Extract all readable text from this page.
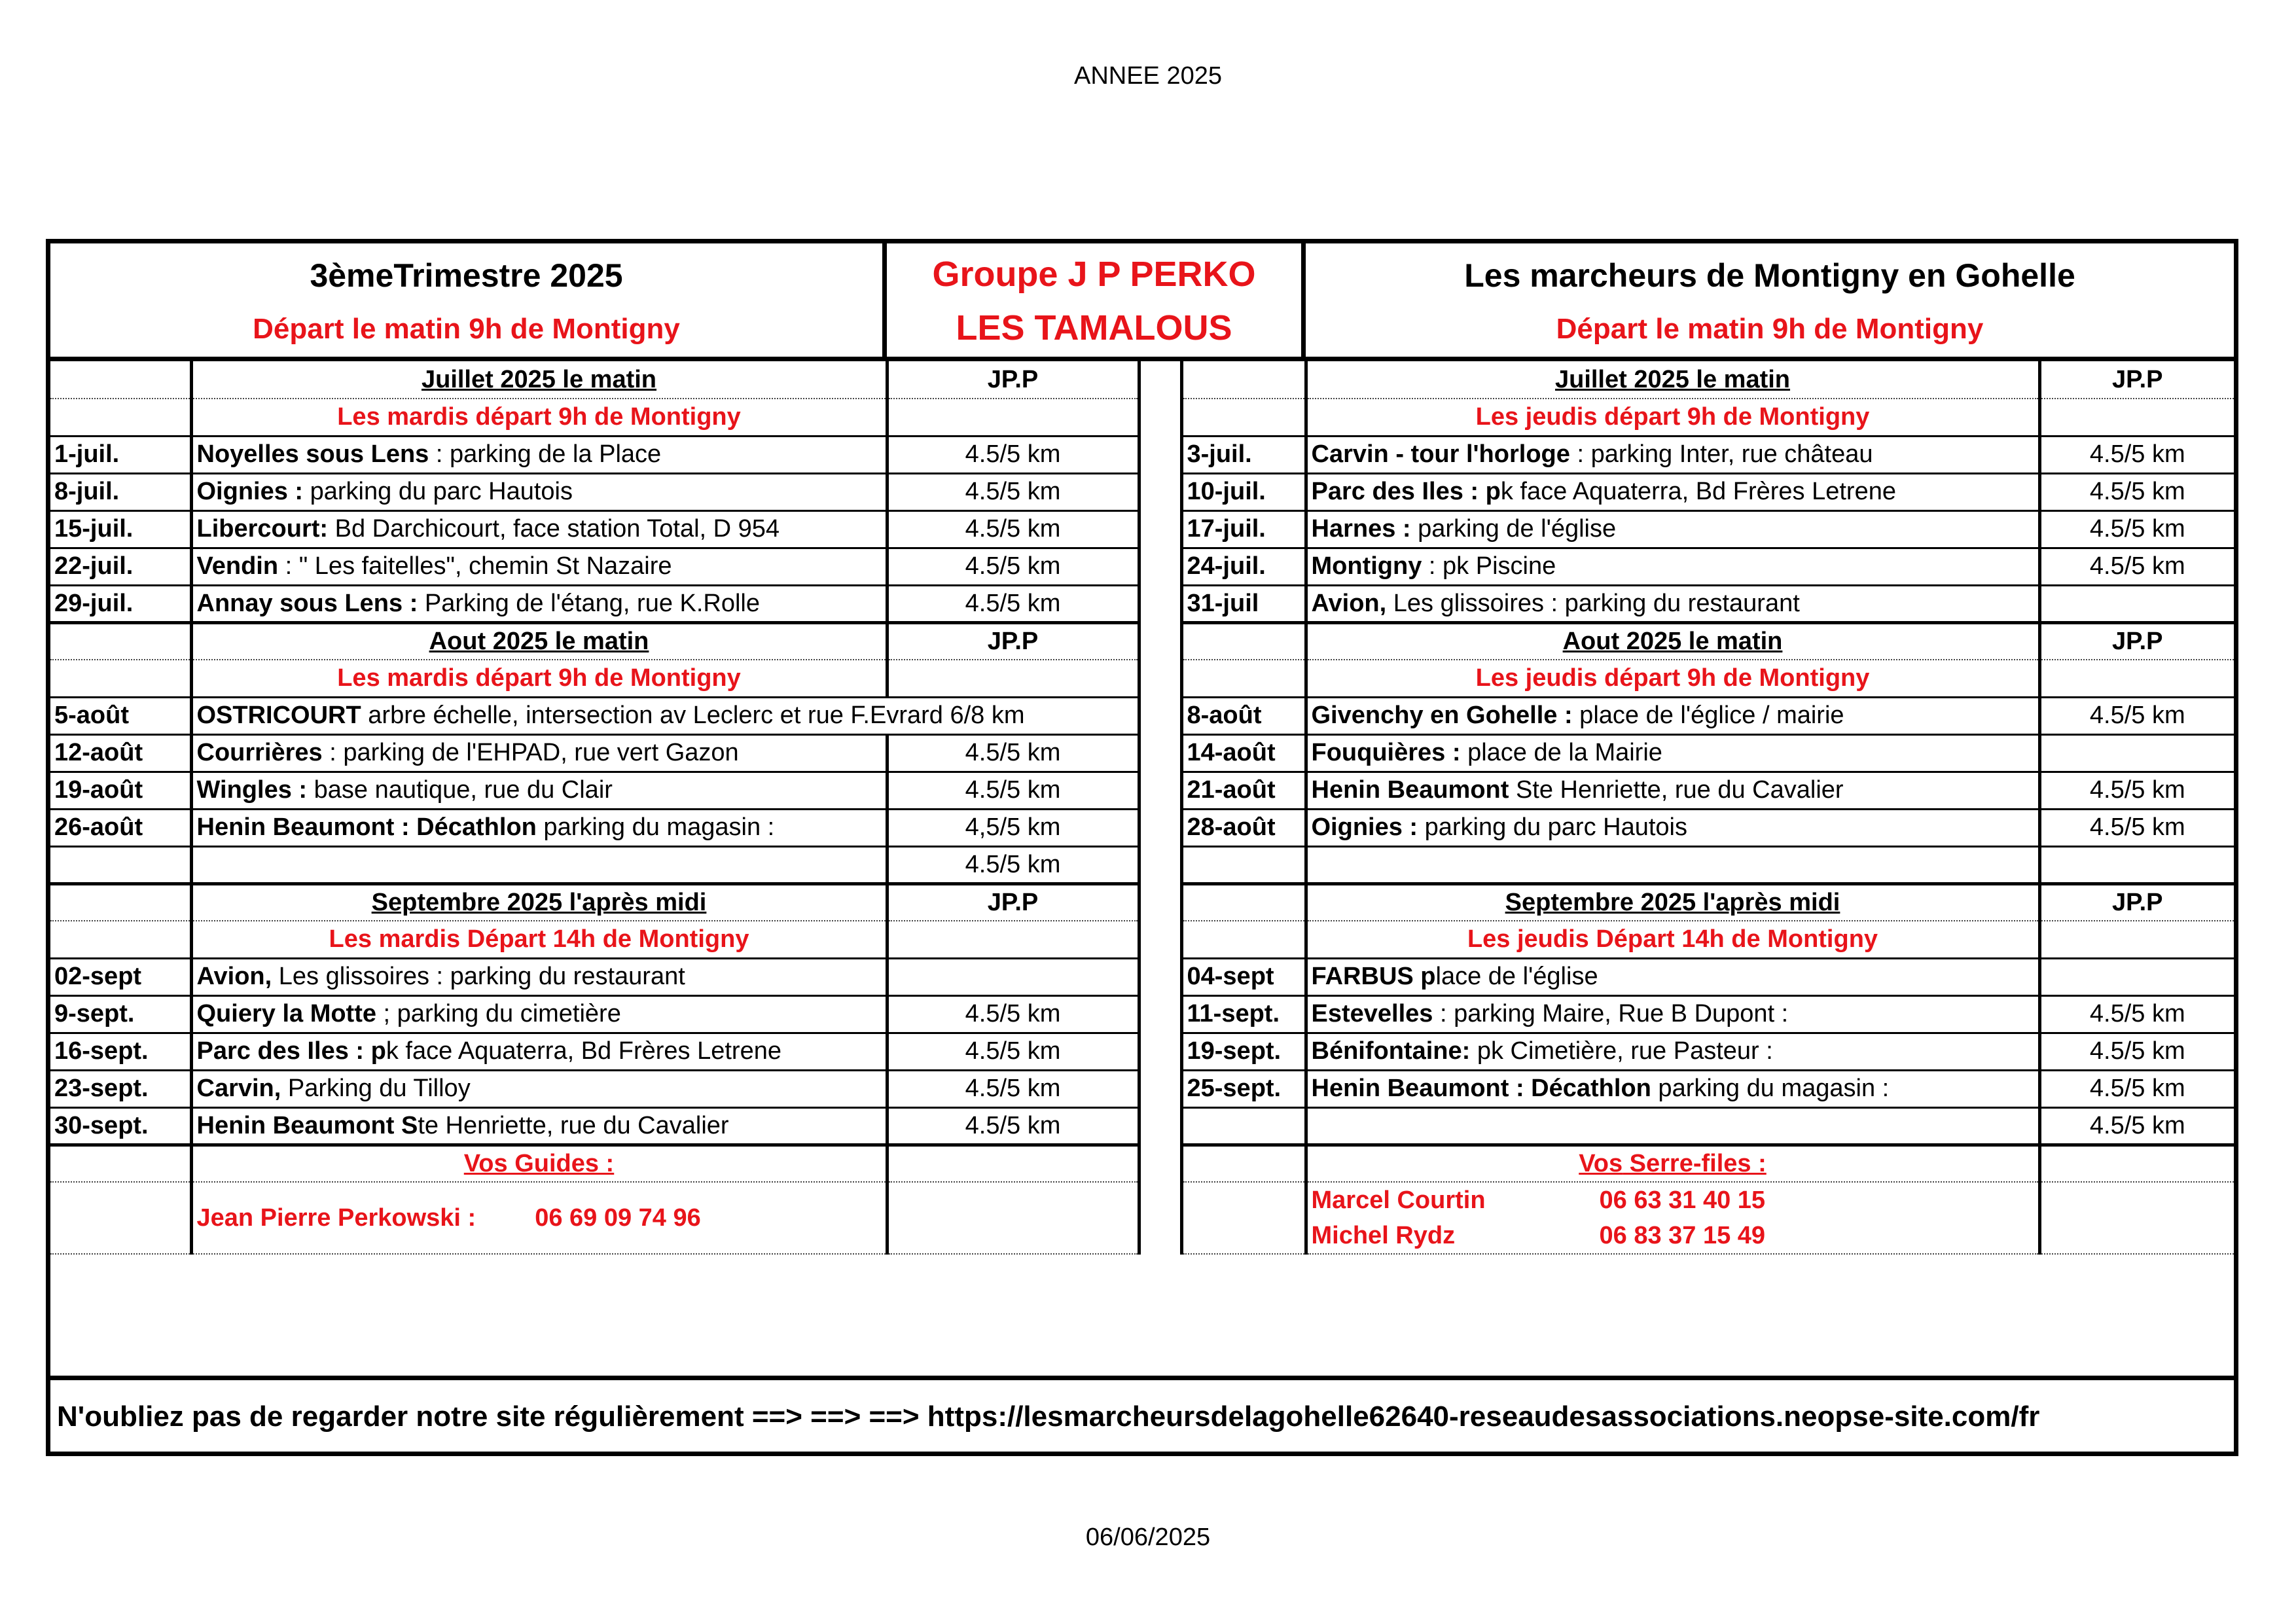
ANNEE 2025
3èmeTrimestre 2025
Départ le matin 9h de Montigny
Groupe J P PERKO
LES TAMALOUS
Les marcheurs de Montigny en Gohelle
Départ le matin 9h de Montigny
	Juillet 2025 le matin	JP.P			Juillet 2025 le matin	JP.P
	Les mardis départ 9h de Montigny				Les jeudis départ 9h de Montigny	
1-juil.	Noyelles sous Lens : parking de la Place	4.5/5 km		3-juil.	Carvin - tour l'horloge : parking Inter, rue château	4.5/5 km
8-juil.	Oignies : parking du parc Hautois	4.5/5 km		10-juil.	Parc des Iles : pk face Aquaterra, Bd Frères Letrene	4.5/5 km
15-juil.	Libercourt: Bd Darchicourt, face station Total, D 954	4.5/5 km		17-juil.	Harnes : parking de l'église	4.5/5 km
22-juil.	Vendin : " Les faitelles", chemin St Nazaire	4.5/5 km		24-juil.	Montigny : pk Piscine	4.5/5 km
29-juil.	Annay sous Lens : Parking de l'étang, rue K.Rolle	4.5/5 km		31-juil	Avion, Les glissoires : parking du restaurant	
	Aout 2025 le matin	JP.P			Aout 2025 le matin	JP.P
	Les mardis départ 9h de Montigny				Les jeudis départ 9h de Montigny	
5-août	OSTRICOURT arbre échelle, intersection av Leclerc et rue F.Evrard 6/8 km			8-août	Givenchy en Gohelle : place de l'églice / mairie	4.5/5 km
12-août	Courrières : parking de l'EHPAD, rue vert Gazon	4.5/5 km		14-août	Fouquières : place de la Mairie	
19-août	Wingles : base nautique, rue du Clair	4.5/5 km		21-août	Henin Beaumont Ste Henriette, rue du Cavalier	4.5/5 km
26-août	Henin Beaumont : Décathlon parking du magasin :	4,5/5 km		28-août	Oignies : parking du parc Hautois	4.5/5 km
		4.5/5 km				
	Septembre 2025 l'après midi	JP.P			Septembre 2025 l'après midi	JP.P
	Les mardis Départ 14h de Montigny				Les jeudis Départ 14h de Montigny	
02-sept	Avion, Les glissoires : parking du restaurant			04-sept	FARBUS place de l'église	
9-sept.	Quiery la Motte ; parking du cimetière	4.5/5 km		11-sept.	Estevelles : parking Maire, Rue B Dupont :	4.5/5 km
16-sept.	Parc des Iles : pk face Aquaterra, Bd Frères Letrene	4.5/5 km		19-sept.	Bénifontaine: pk Cimetière, rue Pasteur :	4.5/5 km
23-sept.	Carvin, Parking du Tilloy	4.5/5 km		25-sept.	Henin Beaumont : Décathlon parking du magasin :	4.5/5 km
30-sept.	Henin Beaumont Ste Henriette, rue du Cavalier	4.5/5 km				4.5/5 km
	Vos Guides :				Vos Serre-files :	
	Jean Pierre Perkowski : 06 69 09 74 96				Marcel Courtin 06 63 31 40 15
Michel Rydz 06 83 37 15 49	

N'oubliez pas de regarder notre site régulièrement ==> ==> ==> https://lesmarcheursdelagohelle62640-reseaudesassociations.neopse-site.com/fr
06/06/2025
